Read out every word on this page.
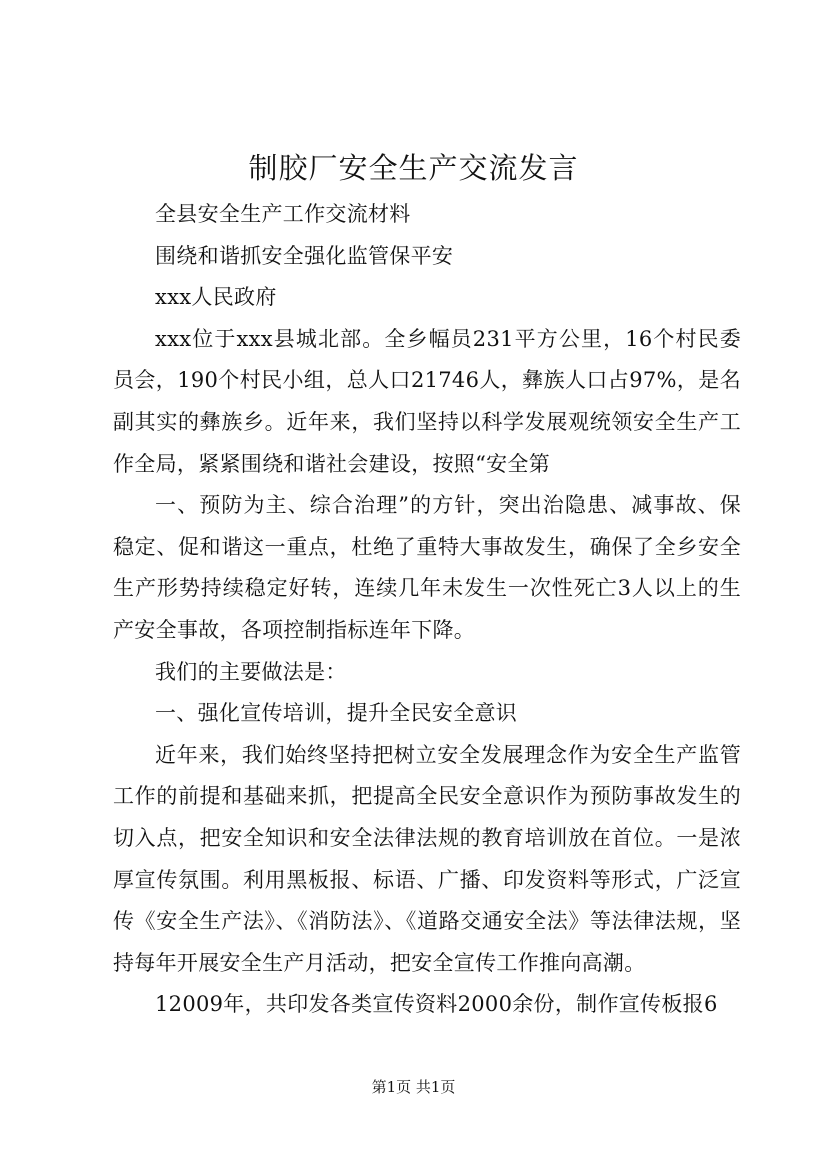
制胶厂安全生产交流发言

全县安全生产工作交流材料

围绕和谐抓安全强化监管保平安

xxx人民政府

xxx位于xxx县城北部。全乡幅员231平方公里，16个村民委员会，190个村民小组，总人口21746人，彝族人口占97%，是名副其实的彝族乡。近年来，我们坚持以科学发展观统领安全生产工作全局，紧紧围绕和谐社会建设，按照“安全第

一、预防为主、综合治理”的方针，突出治隐患、减事故、保稳定、促和谐这一重点，杜绝了重特大事故发生，确保了全乡安全生产形势持续稳定好转，连续几年未发生一次性死亡3人以上的生产安全事故，各项控制指标连年下降。

我们的主要做法是：

一、强化宣传培训，提升全民安全意识

近年来，我们始终坚持把树立安全发展理念作为安全生产监管工作的前提和基础来抓，把提高全民安全意识作为预防事故发生的切入点，把安全知识和安全法律法规的教育培训放在首位。一是浓厚宣传氛围。利用黑板报、标语、广播、印发资料等形式，广泛宣传《安全生产法》、《消防法》、《道路交通安全法》等法律法规，坚持每年开展安全生产月活动，把安全宣传工作推向高潮。

12009年，共印发各类宣传资料2000余份，制作宣传板报6

第1页 共1页
